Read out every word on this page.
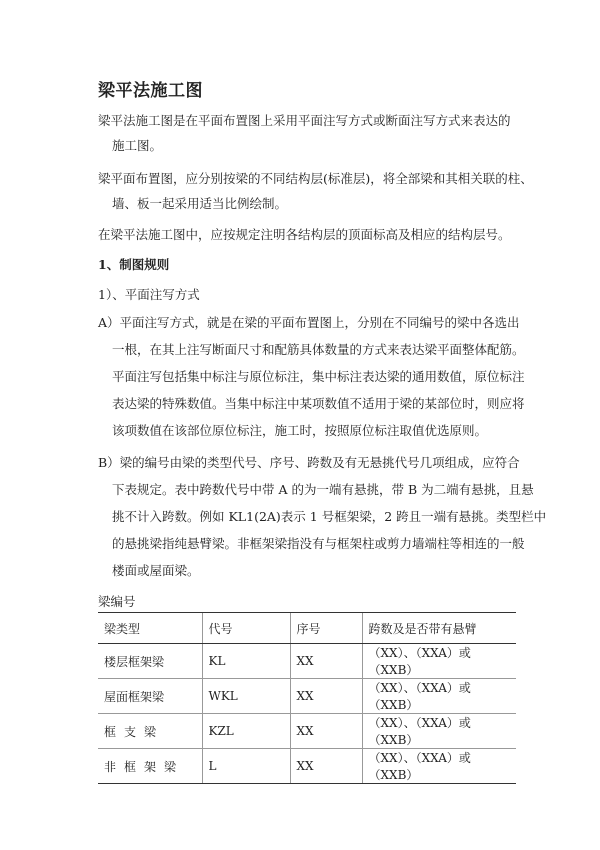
梁平法施工图
梁平法施工图是在平面布置图上采用平面注写方式或断面注写方式来表达的
施工图。
梁平面布置图，应分别按梁的不同结构层(标准层)，将全部梁和其相关联的柱、
墙、板一起采用适当比例绘制。
在梁平法施工图中，应按规定注明各结构层的顶面标高及相应的结构层号。
1、制图规则
1）、平面注写方式
A）平面注写方式，就是在梁的平面布置图上，分别在不同编号的梁中各选出
一根，在其上注写断面尺寸和配筋具体数量的方式来表达梁平面整体配筋。
平面注写包括集中标注与原位标注，集中标注表达梁的通用数值，原位标注
表达梁的特殊数值。当集中标注中某项数值不适用于梁的某部位时，则应将
该项数值在该部位原位标注，施工时，按照原位标注取值优选原则。
B）梁的编号由梁的类型代号、序号、跨数及有无悬挑代号几项组成，应符合
下表规定。表中跨数代号中带 A 的为一端有悬挑，带 B 为二端有悬挑，且悬
挑不计入跨数。例如 KL1(2A)表示 1 号框架梁，2 跨且一端有悬挑。类型栏中
的悬挑梁指纯悬臂梁。非框架梁指没有与框架柱或剪力墙端柱等相连的一般
楼面或屋面梁。
梁编号
梁类型	代号	序号	跨数及是否带有悬臂
楼层框架梁	KL	XX	（XX）、（XXA）或（XXB）
屋面框架梁	WKL	XX	（XX）、（XXA）或（XXB）
框支梁	KZL	XX	（XX）、（XXA）或（XXB）
非框架梁	L	XX	（XX）、（XXA）或（XXB）
